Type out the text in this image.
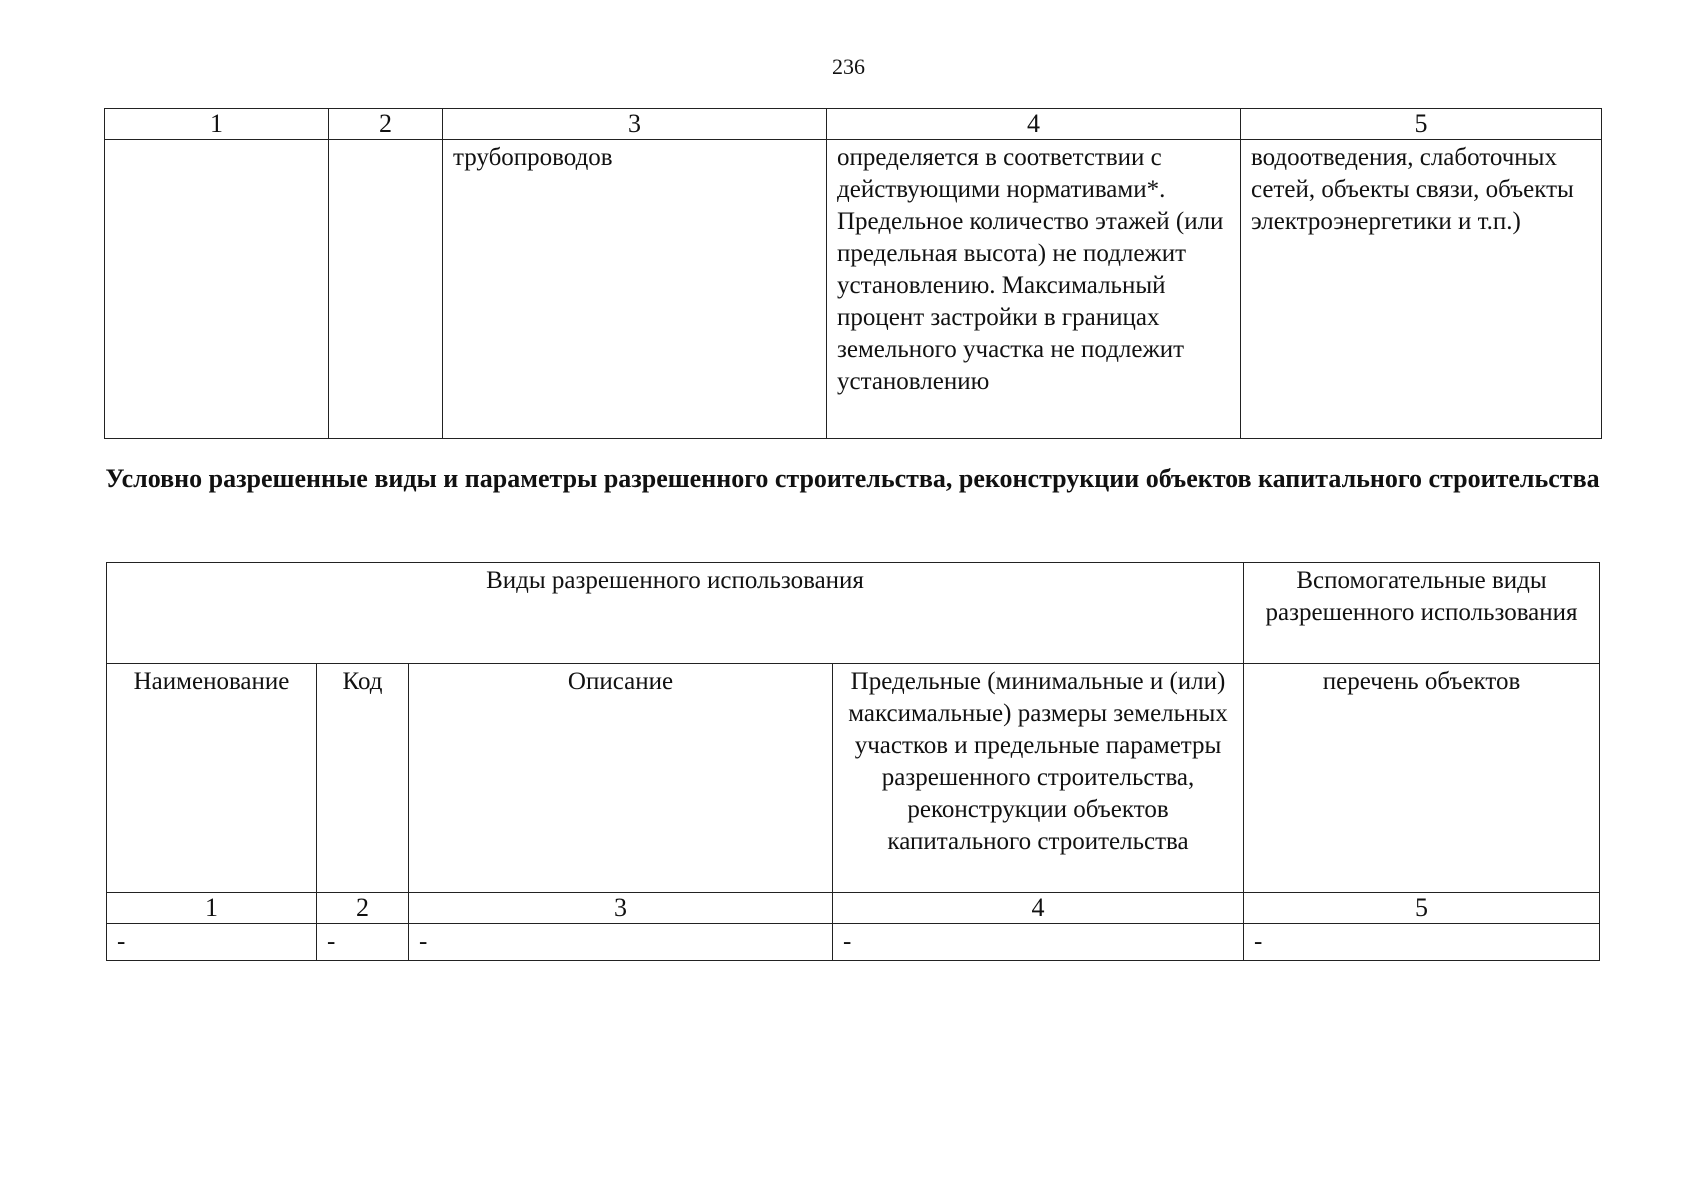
236
1	2	3	4	5
		трубопроводов	определяется в соответствии с действующими нормативами*. Предельное количество этажей (или предельная высота) не подлежит установлению. Максимальный процент застройки в границах земельного участка не подлежит установлению	водоотведения, слаботочных сетей, объекты связи, объекты электроэнергетики и т.п.)
Условно разрешенные виды и параметры разрешенного строительства, реконструкции объектов капитального строительства
Виды разрешенного использования				Вспомогательные виды разрешенного использования
Наименование	Код	Описание	Предельные (минимальные и (или) максимальные) размеры земельных участков и предельные параметры разрешенного строительства, реконструкции объектов капитального строительства	перечень объектов
1	2	3	4	5
-	-	-	-	-
